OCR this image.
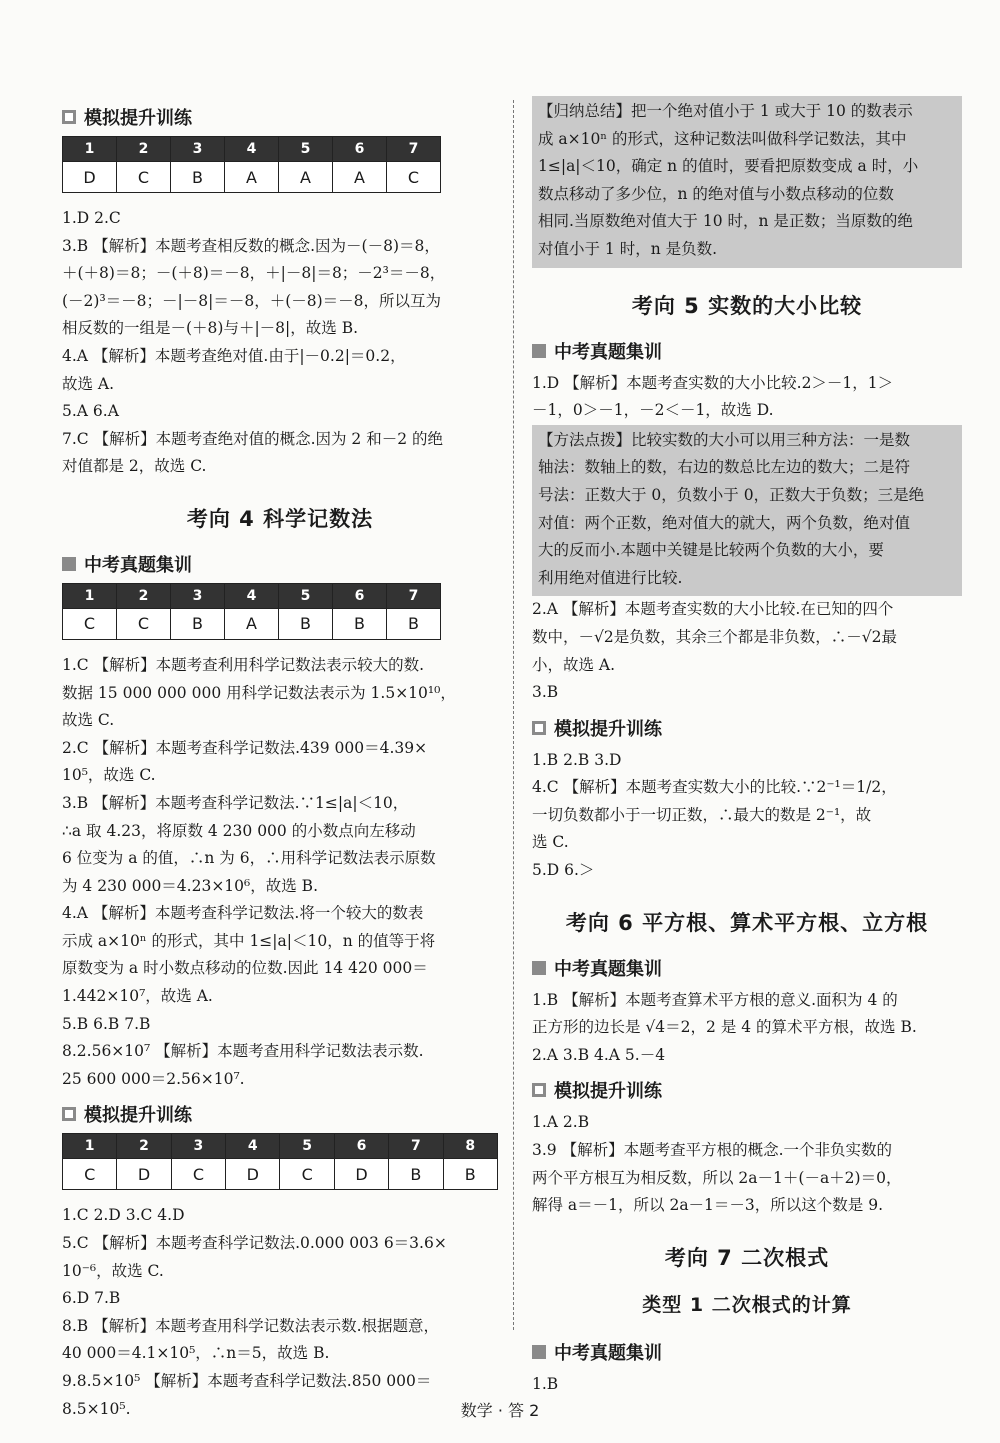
模拟提升训练
1	2	3	4	5	6	7
D	C	B	A	A	A	C
1.D 2.C
3.B 【解析】本题考查相反数的概念.因为－(－8)＝8，
＋(＋8)＝8；－(＋8)＝－8，＋|－8|＝8；－2³＝－8，
(－2)³＝－8；－|－8|＝－8，＋(－8)＝－8，所以互为
相反数的一组是－(＋8)与＋|－8|，故选 B.
4.A 【解析】本题考查绝对值.由于|－0.2|＝0.2，
故选 A.
5.A 6.A
7.C 【解析】本题考查绝对值的概念.因为 2 和－2 的绝
对值都是 2，故选 C.
考向 4 科学记数法
中考真题集训
1	2	3	4	5	6	7
C	C	B	A	B	B	B
1.C 【解析】本题考查利用科学记数法表示较大的数.
数据 15 000 000 000 用科学记数法表示为 1.5×10¹⁰，
故选 C.
2.C 【解析】本题考查科学记数法.439 000＝4.39×
10⁵，故选 C.
3.B 【解析】本题考查科学记数法.∵1≤|a|＜10，
∴a 取 4.23，将原数 4 230 000 的小数点向左移动
6 位变为 a 的值，∴n 为 6，∴用科学记数法表示原数
为 4 230 000＝4.23×10⁶，故选 B.
4.A 【解析】本题考查科学记数法.将一个较大的数表
示成 a×10ⁿ 的形式，其中 1≤|a|＜10，n 的值等于将
原数变为 a 时小数点移动的位数.因此 14 420 000＝
1.442×10⁷，故选 A.
5.B 6.B 7.B
8.2.56×10⁷ 【解析】本题考查用科学记数法表示数.
25 600 000＝2.56×10⁷.
模拟提升训练
1	2	3	4	5	6	7	8
C	D	C	D	C	D	B	B
1.C 2.D 3.C 4.D
5.C 【解析】本题考查科学记数法.0.000 003 6＝3.6×
10⁻⁶，故选 C.
6.D 7.B
8.B 【解析】本题考查用科学记数法表示数.根据题意，
40 000＝4.1×10⁵，∴n＝5，故选 B.
9.8.5×10⁵ 【解析】本题考查科学记数法.850 000＝
8.5×10⁵.
【归纳总结】把一个绝对值小于 1 或大于 10 的数表示
成 a×10ⁿ 的形式，这种记数法叫做科学记数法，其中
1≤|a|＜10，确定 n 的值时，要看把原数变成 a 时，小
数点移动了多少位，n 的绝对值与小数点移动的位数
相同.当原数绝对值大于 10 时，n 是正数；当原数的绝
对值小于 1 时，n 是负数.
考向 5 实数的大小比较
中考真题集训
1.D 【解析】本题考查实数的大小比较.2＞－1，1＞
－1，0＞－1，－2＜－1，故选 D.
【方法点拨】比较实数的大小可以用三种方法：一是数
轴法：数轴上的数，右边的数总比左边的数大；二是符
号法：正数大于 0，负数小于 0，正数大于负数；三是绝
对值：两个正数，绝对值大的就大，两个负数，绝对值
大的反而小.本题中关键是比较两个负数的大小，要
利用绝对值进行比较.
2.A 【解析】本题考查实数的大小比较.在已知的四个
数中，－√2是负数，其余三个都是非负数，∴－√2最
小，故选 A.
3.B
模拟提升训练
1.B 2.B 3.D
4.C 【解析】本题考查实数大小的比较.∵2⁻¹＝1/2，
一切负数都小于一切正数，∴最大的数是 2⁻¹，故
选 C.
5.D 6.＞
考向 6 平方根、算术平方根、立方根
中考真题集训
1.B 【解析】本题考查算术平方根的意义.面积为 4 的
正方形的边长是 √4＝2，2 是 4 的算术平方根，故选 B.
2.A 3.B 4.A 5.－4
模拟提升训练
1.A 2.B
3.9 【解析】本题考查平方根的概念.一个非负实数的
两个平方根互为相反数，所以 2a－1＋(－a＋2)＝0，
解得 a＝－1，所以 2a－1＝－3，所以这个数是 9.
考向 7 二次根式
类型 1 二次根式的计算
中考真题集训
1.B
数学 · 答 2
